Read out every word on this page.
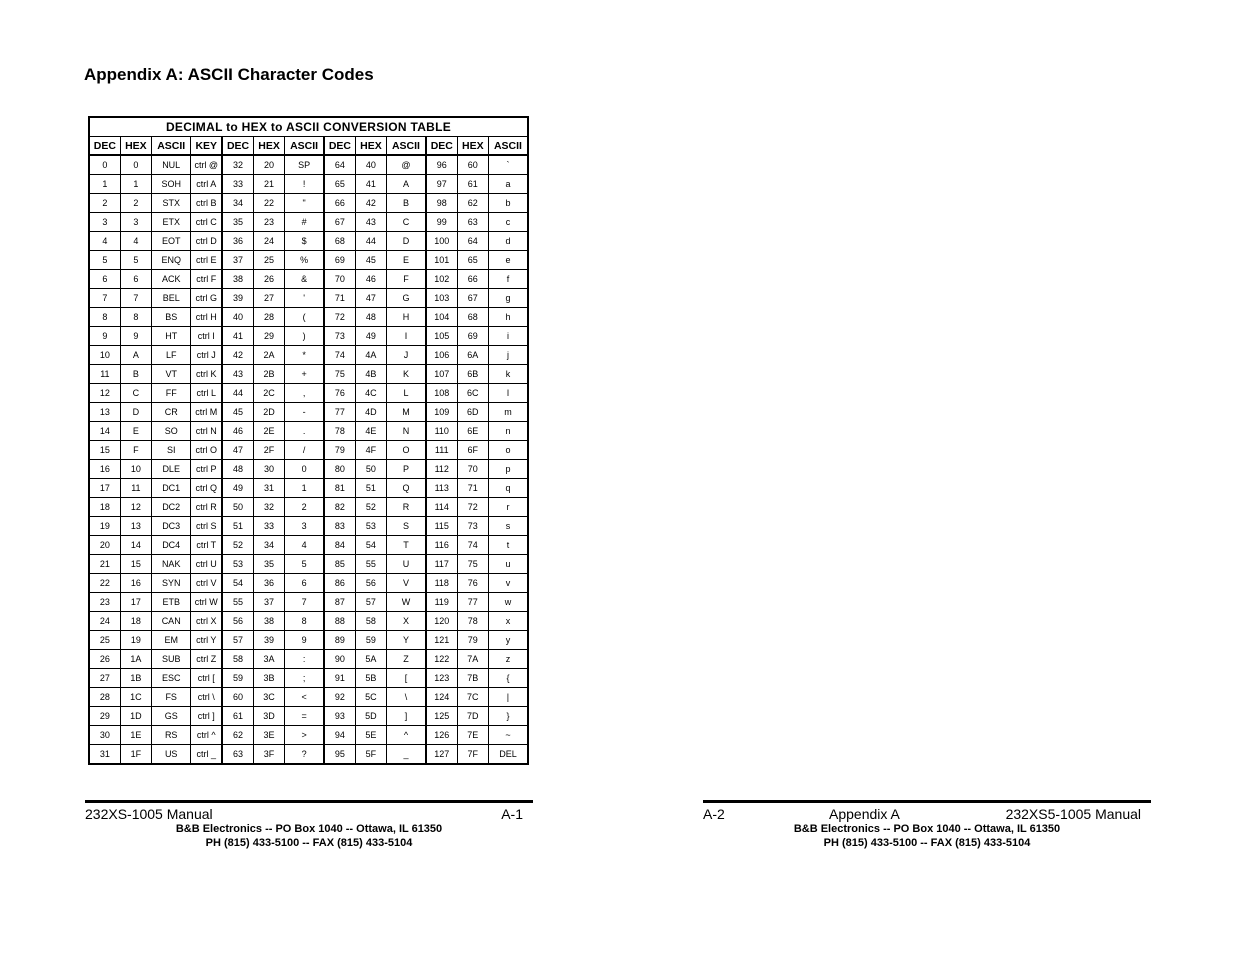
Appendix A: ASCII Character Codes
DECIMAL to HEX to ASCII CONVERSION TABLE												
DEC	HEX	ASCII	KEY	DEC	HEX	ASCII	DEC	HEX	ASCII	DEC	HEX	ASCII
0	0	NUL	ctrl @	32	20	SP	64	40	@	96	60	`
1	1	SOH	ctrl A	33	21	!	65	41	A	97	61	a
2	2	STX	ctrl B	34	22	"	66	42	B	98	62	b
3	3	ETX	ctrl C	35	23	#	67	43	C	99	63	c
4	4	EOT	ctrl D	36	24	$	68	44	D	100	64	d
5	5	ENQ	ctrl E	37	25	%	69	45	E	101	65	e
6	6	ACK	ctrl F	38	26	&	70	46	F	102	66	f
7	7	BEL	ctrl G	39	27	'	71	47	G	103	67	g
8	8	BS	ctrl H	40	28	(	72	48	H	104	68	h
9	9	HT	ctrl I	41	29	)	73	49	I	105	69	i
10	A	LF	ctrl J	42	2A	*	74	4A	J	106	6A	j
11	B	VT	ctrl K	43	2B	+	75	4B	K	107	6B	k
12	C	FF	ctrl L	44	2C	,	76	4C	L	108	6C	l
13	D	CR	ctrl M	45	2D	-	77	4D	M	109	6D	m
14	E	SO	ctrl N	46	2E	.	78	4E	N	110	6E	n
15	F	SI	ctrl O	47	2F	/	79	4F	O	111	6F	o
16	10	DLE	ctrl P	48	30	0	80	50	P	112	70	p
17	11	DC1	ctrl Q	49	31	1	81	51	Q	113	71	q
18	12	DC2	ctrl R	50	32	2	82	52	R	114	72	r
19	13	DC3	ctrl S	51	33	3	83	53	S	115	73	s
20	14	DC4	ctrl T	52	34	4	84	54	T	116	74	t
21	15	NAK	ctrl U	53	35	5	85	55	U	117	75	u
22	16	SYN	ctrl V	54	36	6	86	56	V	118	76	v
23	17	ETB	ctrl W	55	37	7	87	57	W	119	77	w
24	18	CAN	ctrl X	56	38	8	88	58	X	120	78	x
25	19	EM	ctrl Y	57	39	9	89	59	Y	121	79	y
26	1A	SUB	ctrl Z	58	3A	:	90	5A	Z	122	7A	z
27	1B	ESC	ctrl [	59	3B	;	91	5B	[	123	7B	{
28	1C	FS	ctrl \	60	3C	<	92	5C	\	124	7C	|
29	1D	GS	ctrl ]	61	3D	=	93	5D	]	125	7D	}
30	1E	RS	ctrl ^	62	3E	>	94	5E	^	126	7E	~
31	1F	US	ctrl _	63	3F	?	95	5F	_	127	7F	DEL
232XS-1005 Manual	A-1
B&B Electronics -- PO Box 1040 -- Ottawa, IL 61350
PH (815) 433-5100 -- FAX (815) 433-5104
A-2	Appendix A	232XS5-1005 Manual
B&B Electronics -- PO Box 1040 -- Ottawa, IL 61350
PH (815) 433-5100 -- FAX (815) 433-5104
